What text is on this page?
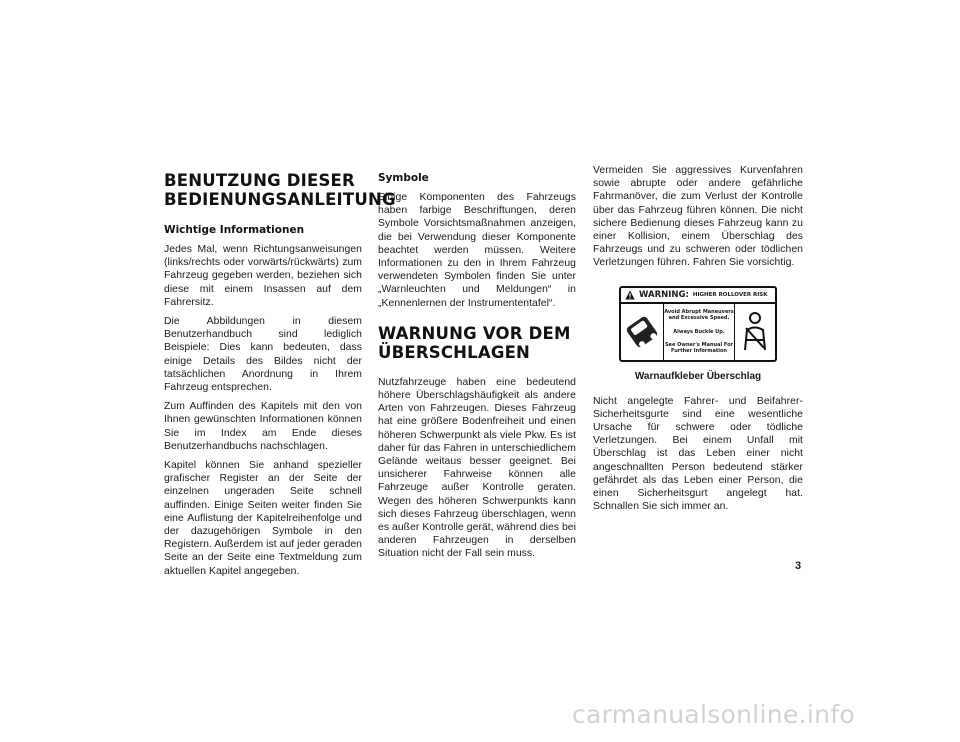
BENUTZUNG DIESER BEDIENUNGSANLEITUNG
Wichtige Informationen

Jedes Mal, wenn Richtungsanweisungen (links/rechts oder vorwärts/rückwärts) zum Fahrzeug gegeben werden, beziehen sich diese mit einem Insassen auf dem Fahrersitz.

Die Abbildungen in diesem Benutzerhandbuch sind lediglich Beispiele: Dies kann bedeuten, dass einige Details des Bildes nicht der tatsächlichen Anordnung in Ihrem Fahrzeug entsprechen.

Zum Auffinden des Kapitels mit den von Ihnen gewünschten Informationen können Sie im Index am Ende dieses Benutzerhandbuchs nachschlagen.

Kapitel können Sie anhand spezieller grafischer Register an der Seite der einzelnen ungeraden Seite schnell auffinden. Einige Seiten weiter finden Sie eine Auflistung der Kapitelreihenfolge und der dazugehörigen Symbole in den Registern. Außerdem ist auf jeder geraden Seite an der Seite eine Textmeldung zum aktuellen Kapitel angegeben.

Symbole

Einige Komponenten des Fahrzeugs haben farbige Beschriftungen, deren Symbole Vorsichtsmaßnahmen anzeigen, die bei Verwendung dieser Komponente beachtet werden müssen. Weitere Informationen zu den in Ihrem Fahrzeug verwendeten Symbolen finden Sie unter „Warnleuchten und Meldungen“ in „Kennenlernen der Instrumententafel“.

WARNUNG VOR DEM ÜBERSCHLAGEN

Nutzfahrzeuge haben eine bedeutend höhere Überschlagshäufigkeit als andere Arten von Fahrzeugen. Dieses Fahrzeug hat eine größere Bodenfreiheit und einen höheren Schwerpunkt als viele Pkw. Es ist daher für das Fahren in unterschiedlichem Gelände weitaus besser geeignet. Bei unsicherer Fahrweise können alle Fahrzeuge außer Kontrolle geraten. Wegen des höheren Schwerpunkts kann sich dieses Fahrzeug überschlagen, wenn es außer Kontrolle gerät, während dies bei anderen Fahrzeugen in derselben Situation nicht der Fall sein muss.

Vermeiden Sie aggressives Kurvenfahren sowie abrupte oder andere gefährliche Fahrmanöver, die zum Verlust der Kontrolle über das Fahrzeug führen können. Die nicht sichere Bedienung dieses Fahrzeug kann zu einer Kollision, einem Überschlag des Fahrzeugs und zu schweren oder tödlichen Verletzungen führen. Fahren Sie vorsichtig.

WARNING: HIGHER ROLLOVER RISK
Avoid Abrupt Maneuvers and Excessive Speed.
Always Buckle Up.
See Owner's Manual For Further Information

Warnaufkleber Überschlag

Nicht angelegte Fahrer- und Beifahrer-Sicherheitsgurte sind eine wesentliche Ursache für schwere oder tödliche Verletzungen. Bei einem Unfall mit Überschlag ist das Leben einer nicht angeschnallten Person bedeutend stärker gefährdet als das Leben einer Person, die einen Sicherheitsgurt angelegt hat. Schnallen Sie sich immer an.

3
carmanualsonline.info
